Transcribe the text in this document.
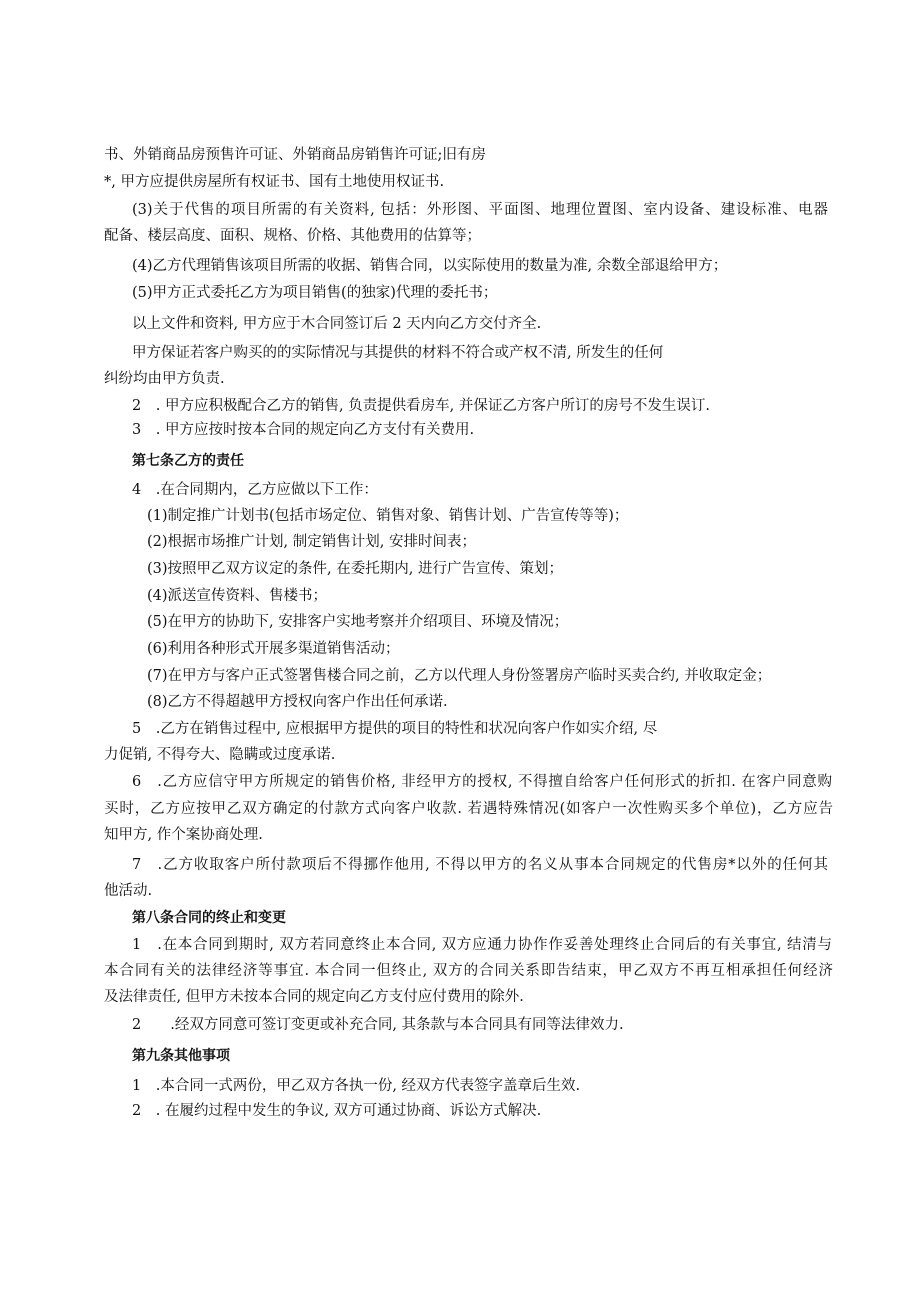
书、外销商品房预售许可证、外销商品房销售许可证;旧有房
*, 甲方应提供房屋所有权证书、国有土地使用权证书.
(3)关于代售的项目所需的有关资料, 包括：外形图、平面图、地理位置图、室内设备、建设标准、电器
配备、楼层高度、面积、规格、价格、其他费用的估算等；
(4)乙方代理销售该项目所需的收据、销售合同，以实际使用的数量为准, 余数全部退给甲方；
(5)甲方正式委托乙方为项目销售(的独家)代理的委托书；
以上文件和资料, 甲方应于木合同签订后 2 天内向乙方交付齐全.
甲方保证若客户购买的的实际情况与其提供的材料不符合或产权不清, 所发生的任何
纠纷均由甲方负责.
2　. 甲方应积极配合乙方的销售, 负责提供看房车, 并保证乙方客户所订的房号不发生误订.
3　. 甲方应按时按本合同的规定向乙方支付有关费用.
第七条乙方的责任
4　.在合同期内，乙方应做以下工作：
(1)制定推广计划书(包括市场定位、销售对象、销售计划、广告宣传等等)；
(2)根据市场推广计划, 制定销售计划, 安排时间表；
(3)按照甲乙双方议定的条件, 在委托期内, 进行广告宣传、策划；
(4)派送宣传资料、售楼书；
(5)在甲方的协助下, 安排客户实地考察并介绍项目、环境及情况；
(6)利用各种形式开展多渠道销售活动；
(7)在甲方与客户正式签署售楼合同之前，乙方以代理人身份签署房产临时买卖合约, 并收取定金；
(8)乙方不得超越甲方授权向客户作出任何承诺.
5　.乙方在销售过程中, 应根据甲方提供的项目的特性和状况向客户作如实介绍, 尽
力促销, 不得夸大、隐瞒或过度承诺.
6　.乙方应信守甲方所规定的销售价格, 非经甲方的授权, 不得擅自给客户任何形式的折扣. 在客户同意购
买时，乙方应按甲乙双方确定的付款方式向客户收款. 若遇特殊情况(如客户一次性购买多个单位)，乙方应告
知甲方, 作个案协商处理.
7　.乙方收取客户所付款项后不得挪作他用, 不得以甲方的名义从事本合同规定的代售房*以外的任何其
他活动.
第八条合同的终止和变更
1　.在本合同到期时, 双方若同意终止本合同, 双方应通力协作作妥善处理终止合同后的有关事宜, 结清与
本合同有关的法律经济等事宜. 本合同一但终止, 双方的合同关系即告结束，甲乙双方不再互相承担任何经济
及法律责任, 但甲方未按本合同的规定向乙方支付应付费用的除外.
2　　.经双方同意可签订变更或补充合同, 其条款与本合同具有同等法律效力.
第九条其他事项
1　.本合同一式两份，甲乙双方各执一份, 经双方代表签字盖章后生效.
2　. 在履约过程中发生的争议, 双方可通过协商、诉讼方式解决.
